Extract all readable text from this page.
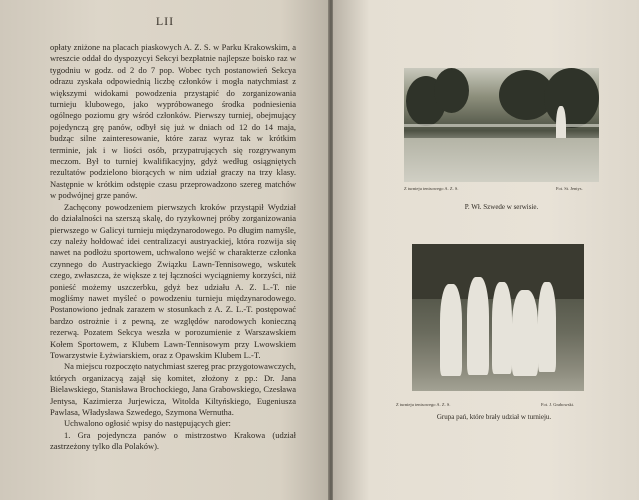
LII

opłaty zniżone na placach piaskowych A. Z. S. w Parku Krakowskim, a wreszcie oddał do dyspozycyi Sekcyi bezpłatnie najlepsze boisko raz w tygodniu w godz. od 2 do 7 pop. Wobec tych postanowień Sekcya odrazu zyskała odpowiednią liczbę członków i mogła natychmiast z większymi widokami powodzenia przystąpić do zorganizowania turnieju klubowego, jako wypróbowanego środka podniesienia ogólnego poziomu gry wśród członków. Pierwszy turniej, obejmujący pojedynczą grę panów, odbył się już w dniach od 12 do 14 maja, budząc silne zainteresowanie, które zaraz wyraz tak w krótkim terminie, jak i w liości osób, przypatrujących się rozgrywanym meczom. Był to turniej kwalifikacyjny, gdyż według osiągniętych rezultatów podzielono biorących w nim udział graczy na trzy klasy. Następnie w krótkim odstępie czasu przeprowadzono szereg matchów w podwójnej grze panów.

Zachęcony powodzeniem pierwszych kroków przystąpił Wydział do działalności na szerszą skalę, do ryzykownej próby zorganizowania pierwszego w Galicyi turnieju międzynarodowego. Po długim namyśle, czy należy hołdować idei centralizacyi austryackiej, która rozwija się nawet na podłożu sportowem, uchwalono wejść w charakterze członka czynnego do Austryackiego Związku Lawn-Tennisowego, wskutek czego, zwłaszcza, że większe z tej łączności wyciągniemy korzyści, niż ponieść możemy uszczerbku, gdyż bez udziału A. Z. L.-T. nie mogliśmy nawet myśleć o powodzeniu turnieju międzynarodowego. Postanowiono jednak zarazem w stosunkach z A. Z. L.-T. postępować bardzo ostrożnie i z pewną, ze względów narodowych konieczną rezerwą. Pozatem Sekcya weszła w porozumienie z Warszawskiem Kołem Sportowem, z Klubem Lawn-Tennisowym przy Lwowskiem Towarzystwie Łyżwiarskiem, oraz z Opawskim Klubem L.-T.

Na miejscu rozpoczęto natychmiast szereg prac przygotowawczych, których organizacyą zajął się komitet, złożony z pp.: Dr. Jana Bielawskiego, Stanisława Brochockiego, Jana Grabowskiego, Czesława Jentysa, Kazimierza Jurjewicza, Witolda Kiltyńskiego, Eugeniusza Pawlasa, Władysława Szwedego, Szymona Wernutha.

Uchwalono ogłosić wpisy do następujących gier:

1. Gra pojedyncza panów o mistrzostwo Krakowa (udział zastrzeżony tylko dla Polaków).

Z turnieju tenisowego A. Z. S.	Fot. St. Jentys.
P. Wł. Szwede w serwisie.
Z turnieju tenisowego A. Z. S.	Fot. J. Grabowski.
Grupa pań, które brały udział w turnieju.
